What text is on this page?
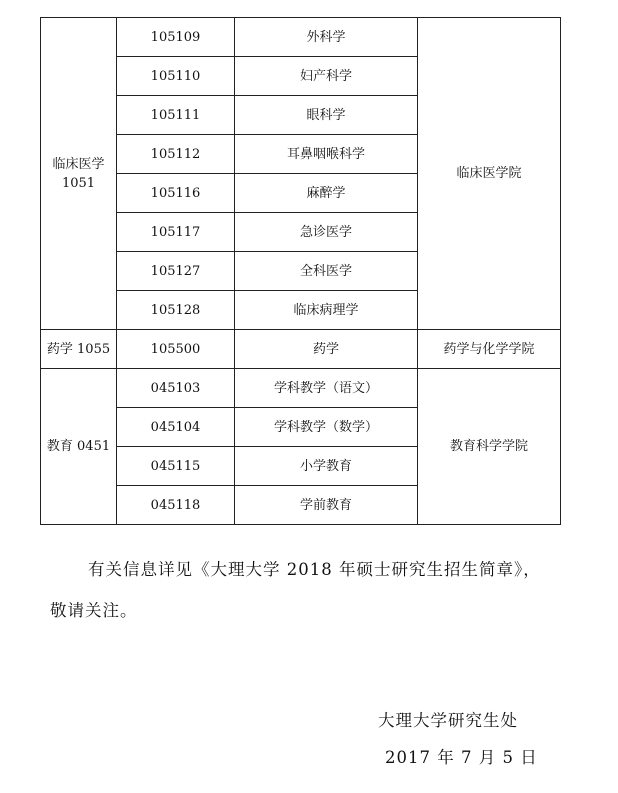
临床医学
1051	105109	外科学	临床医学院
	105110	妇产科学	
	105111	眼科学	
	105112	耳鼻咽喉科学	
	105116	麻醉学	
	105117	急诊医学	
	105127	全科医学	
	105128	临床病理学	
药学 1055	105500	药学	药学与化学学院
教育 0451	045103	学科教学（语文）	教育科学学院
	045104	学科教学（数学）	
	045115	小学教育	
	045118	学前教育	
有关信息详见《大理大学 2018 年硕士研究生招生简章》，
敬请关注。
大理大学研究生处
2017 年 7 月 5 日
